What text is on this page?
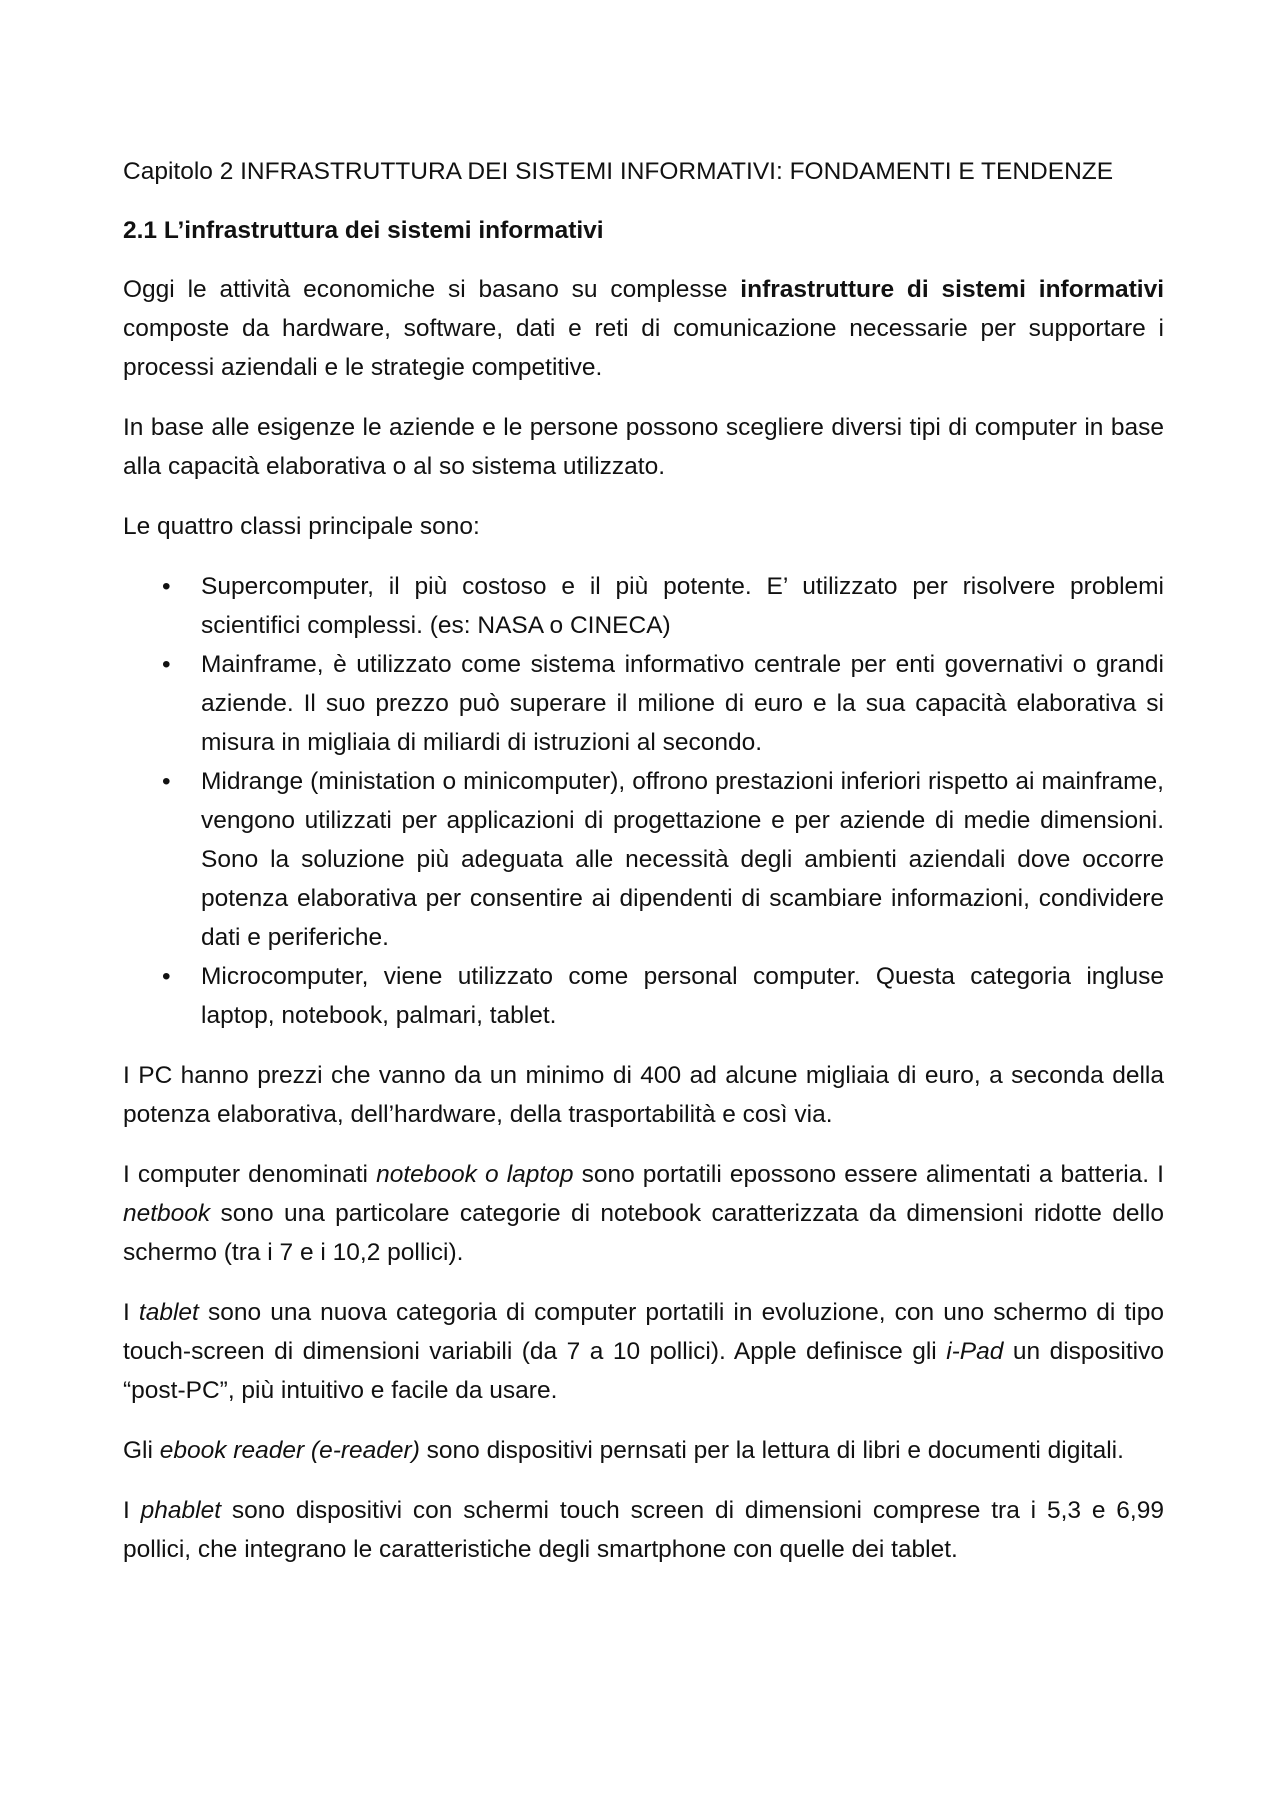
Capitolo 2 INFRASTRUTTURA DEI SISTEMI INFORMATIVI: FONDAMENTI E TENDENZE

2.1 L’infrastruttura dei sistemi informativi

Oggi le attività economiche si basano su complesse infrastrutture di sistemi informativi composte da hardware, software, dati e reti di comunicazione necessarie per supportare i processi aziendali e le strategie competitive.

In base alle esigenze le aziende e le persone possono scegliere diversi tipi di computer in base alla capacità elaborativa o al so sistema utilizzato.

Le quattro classi principale sono:

•	Supercomputer, il più costoso e il più potente. E’ utilizzato per risolvere problemi scientifici complessi. (es: NASA o CINECA)
•	Mainframe, è utilizzato come sistema informativo centrale per enti governativi o grandi aziende. Il suo prezzo può superare il milione di euro e la sua capacità elaborativa si misura in migliaia di miliardi di istruzioni al secondo.
•	Midrange (ministation o minicomputer), offrono prestazioni inferiori rispetto ai mainframe, vengono utilizzati per applicazioni di progettazione e per aziende di medie dimensioni. Sono la soluzione più adeguata alle necessità degli ambienti aziendali dove occorre potenza elaborativa per consentire ai dipendenti di scambiare informazioni, condividere dati e periferiche.
•	Microcomputer, viene utilizzato come personal computer. Questa categoria ingluse laptop, notebook, palmari, tablet.

I PC hanno prezzi che vanno da un minimo di 400 ad alcune migliaia di euro, a seconda della potenza elaborativa, dell’hardware, della trasportabilità e così via.

I computer denominati notebook o laptop sono portatili epossono essere alimentati a batteria. I netbook sono una particolare categorie di notebook caratterizzata da dimensioni ridotte dello schermo (tra i 7 e i 10,2 pollici).

I tablet sono una nuova categoria di computer portatili in evoluzione, con uno schermo di tipo touch-screen di dimensioni variabili (da 7 a 10 pollici). Apple definisce gli i-Pad un dispositivo “post-PC”, più intuitivo e facile da usare.

Gli ebook reader (e-reader) sono dispositivi pernsati per la lettura di libri e documenti digitali.

I phablet sono dispositivi con schermi touch screen di dimensioni comprese tra i 5,3 e 6,99 pollici, che integrano le caratteristiche degli smartphone con quelle dei tablet.
